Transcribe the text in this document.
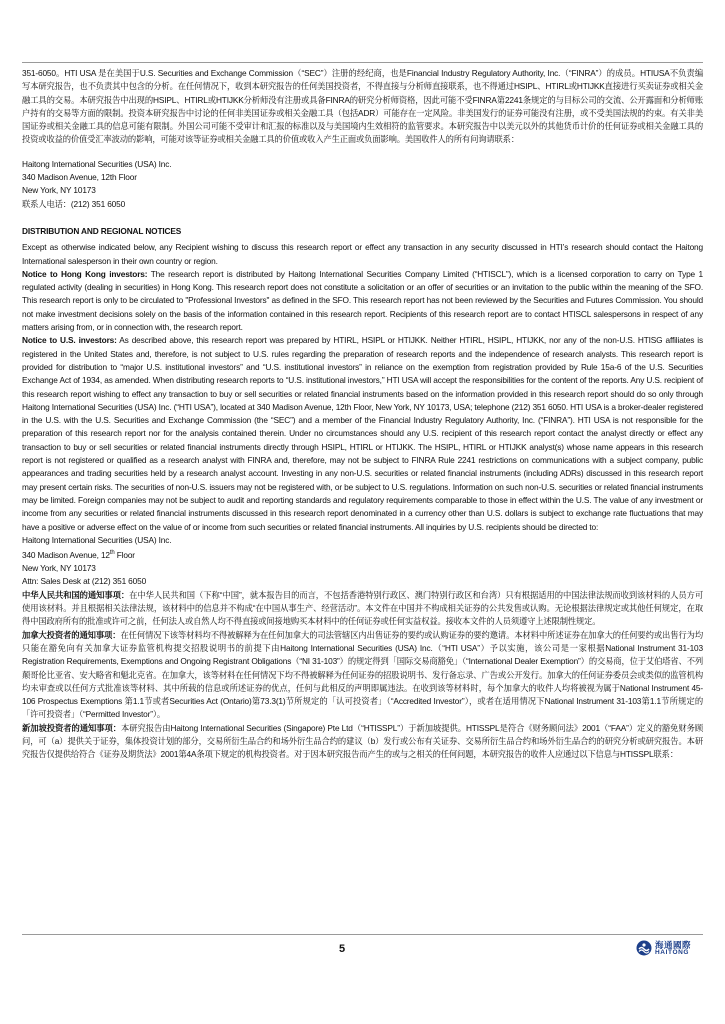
351-6050。HTI USA 是在美国于U.S. Securities and Exchange Commission（“SEC”）注册的经纪商，也是Financial Industry Regulatory Authority, Inc.（“FINRA”）的成员。HTIUSA不负责编写本研究报告，也不负责其中包含的分析。在任何情况下，收到本研究报告的任何美国投资者，不得直接与分析师直接联系，也不得通过HSIPL、HTIRL或HTIJKK直接进行买卖证券或相关金融工具的交易。本研究报告中出现的HSIPL、HTIRL或HTIJKK分析师没有注册或具备FINRA的研究分析师资格，因此可能不受FINRA第2241条规定的与目标公司的交流、公开露面和分析师账户持有的交易等方面的限制。投资本研究报告中讨论的任何非美国证券或相关金融工具（包括ADR）可能存在一定风险。非美国发行的证券可能没有注册，或不受美国法规的约束。有关非美国证券或相关金融工具的信息可能有限制。外国公司可能不受审计和汇报的标准以及与美国境内生效相符的监管要求。本研究报告中以美元以外的其他货币计价的任何证券或相关金融工具的投资或收益的价值受汇率波动的影响，可能对该等证券或相关金融工具的价值或收入产生正面或负面影响。美国收件人的所有问询请联系：

Haitong International Securities (USA) Inc.

340 Madison Avenue, 12th Floor

New York, NY 10173

联系人电话：(212) 351 6050

DISTRIBUTION AND REGIONAL NOTICES

Except as otherwise indicated below, any Recipient wishing to discuss this research report or effect any transaction in any security discussed in HTI’s research should contact the Haitong International salesperson in their own country or region.

Notice to Hong Kong investors: The research report is distributed by Haitong International Securities Company Limited (“HTISCL”), which is a licensed corporation to carry on Type 1 regulated activity (dealing in securities) in Hong Kong. This research report does not constitute a solicitation or an offer of securities or an invitation to the public within the meaning of the SFO. This research report is only to be circulated to "Professional Investors" as defined in the SFO. This research report has not been reviewed by the Securities and Futures Commission. You should not make investment decisions solely on the basis of the information contained in this research report. Recipients of this research report are to contact HTISCL salespersons in respect of any matters arising from, or in connection with, the research report.

Notice to U.S. investors: As described above, this research report was prepared by HTIRL, HSIPL or HTIJKK. Neither HTIRL, HSIPL, HTIJKK, nor any of the non-U.S. HTISG affiliates is registered in the United States and, therefore, is not subject to U.S. rules regarding the preparation of research reports and the independence of research analysts. This research report is provided for distribution to “major U.S. institutional investors” and “U.S. institutional investors” in reliance on the exemption from registration provided by Rule 15a-6 of the U.S. Securities Exchange Act of 1934, as amended. When distributing research reports to “U.S. institutional investors,” HTI USA will accept the responsibilities for the content of the reports. Any U.S. recipient of this research report wishing to effect any transaction to buy or sell securities or related financial instruments based on the information provided in this research report should do so only through Haitong International Securities (USA) Inc. (“HTI USA”), located at 340 Madison Avenue, 12th Floor, New York, NY 10173, USA; telephone (212) 351 6050. HTI USA is a broker-dealer registered in the U.S. with the U.S. Securities and Exchange Commission (the “SEC”) and a member of the Financial Industry Regulatory Authority, Inc. (“FINRA”). HTI USA is not responsible for the preparation of this research report nor for the analysis contained therein. Under no circumstances should any U.S. recipient of this research report contact the analyst directly or effect any transaction to buy or sell securities or related financial instruments directly through HSIPL, HTIRL or HTIJKK. The HSIPL, HTIRL or HTIJKK analyst(s) whose name appears in this research report is not registered or qualified as a research analyst with FINRA and, therefore, may not be subject to FINRA Rule 2241 restrictions on communications with a subject company, public appearances and trading securities held by a research analyst account. Investing in any non-U.S. securities or related financial instruments (including ADRs) discussed in this research report may present certain risks. The securities of non-U.S. issuers may not be registered with, or be subject to U.S. regulations. Information on such non-U.S. securities or related financial instruments may be limited. Foreign companies may not be subject to audit and reporting standards and regulatory requirements comparable to those in effect within the U.S. The value of any investment or income from any securities or related financial instruments discussed in this research report denominated in a currency other than U.S. dollars is subject to exchange rate fluctuations that may have a positive or adverse effect on the value of or income from such securities or related financial instruments. All inquiries by U.S. recipients should be directed to:

Haitong International Securities (USA) Inc.

340 Madison Avenue, 12th Floor

New York, NY 10173

Attn: Sales Desk at (212) 351 6050

中华人民共和国的通知事项：在中华人民共和国（下称“中国”，就本报告目的而言，不包括香港特别行政区、澳门特别行政区和台湾）只有根据适用的中国法律法规而收到该材料的人员方可使用该材料。并且根据相关法律法规，该材料中的信息并不构成“在中国从事生产、经营活动”。本文件在中国并不构成相关证券的公共发售或认购。无论根据法律规定或其他任何规定，在取得中国政府所有的批准或许可之前，任何法人或自然人均不得直接或间接地购买本材料中的任何证券或任何实益权益。接收本文件的人员须遵守上述限制性规定。

加拿大投资者的通知事项：在任何情况下该等材料均不得被解释为在任何加拿大的司法管辖区内出售证券的要约或认购证券的要约邀请。本材料中所述证券在加拿大的任何要约或出售行为均只能在豁免向有关加拿大证券监管机构提交招股说明书的前提下由Haitong International Securities (USA) Inc.（“HTI USA”）予以实施，该公司是一家根据National Instrument 31-103 Registration Requirements, Exemptions and Ongoing Registrant Obligations（“NI 31-103”）的规定得到「国际交易商豁免」（“International Dealer Exemption”）的交易商，位于艾伯塔省、不列颠哥伦比亚省、安大略省和魁北克省。在加拿大，该等材料在任何情况下均不得被解释为任何证券的招股说明书、发行备忘录、广告或公开发行。加拿大的任何证券委员会或类似的监管机构均未审查或以任何方式批准该等材料、其中所载的信息或所述证券的优点，任何与此相反的声明即属违法。在收到该等材料时，每个加拿大的收件人均将被视为属于National Instrument 45-106 Prospectus Exemptions 第1.1节或者Securities Act (Ontario)第73.3(1)节所规定的「认可投资者」（“Accredited Investor”），或者在适用情况下National Instrument 31-103第1.1节所规定的「许可投资者」（“Permitted Investor”）。

新加坡投资者的通知事项：本研究报告由Haitong International Securities (Singapore) Pte Ltd（“HTISSPL”）于新加坡提供。HTISSPL是符合《财务顾问法》2001（“FAA”）定义的豁免财务顾问，可（a）提供关于证券，集体投资计划的部分，交易所衍生品合约和场外衍生品合约的建议（b）发行或公布有关证券、交易所衍生品合约和场外衍生品合约的研究分析或研究报告。本研究报告仅提供给符合《证券及期货法》2001第4A条项下规定的机构投资者。对于因本研究报告而产生的或与之相关的任何问题，本研究报告的收件人应通过以下信息与HTISSPL联系：

5	海通國際
HAITONG
